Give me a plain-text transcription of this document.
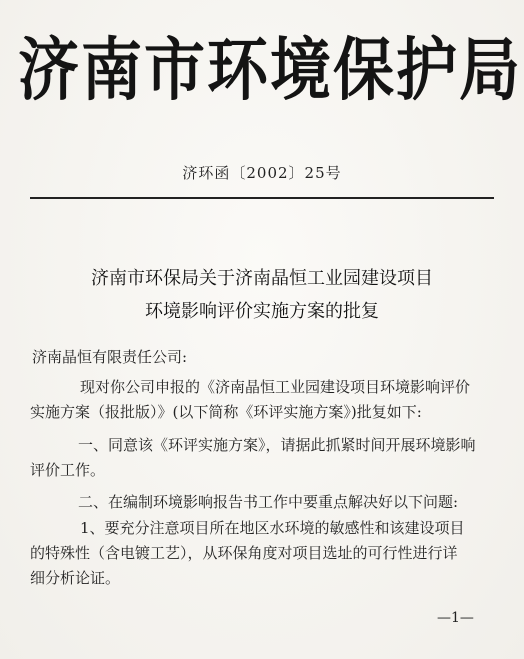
济南市环境保护局
济环函〔2002〕25号
济南市环保局关于济南晶恒工业园建设项目
环境影响评价实施方案的批复
济南晶恒有限责任公司:
现对你公司申报的《济南晶恒工业园建设项目环境影响评价
实施方案（报批版）》(以下简称《环评实施方案》)批复如下:
一、同意该《环评实施方案》，请据此抓紧时间开展环境影响
评价工作。
二、在编制环境影响报告书工作中要重点解决好以下问题:
1、要充分注意项目所在地区水环境的敏感性和该建设项目
的特殊性（含电镀工艺），从环保角度对项目选址的可行性进行详
细分析论证。
—1—
